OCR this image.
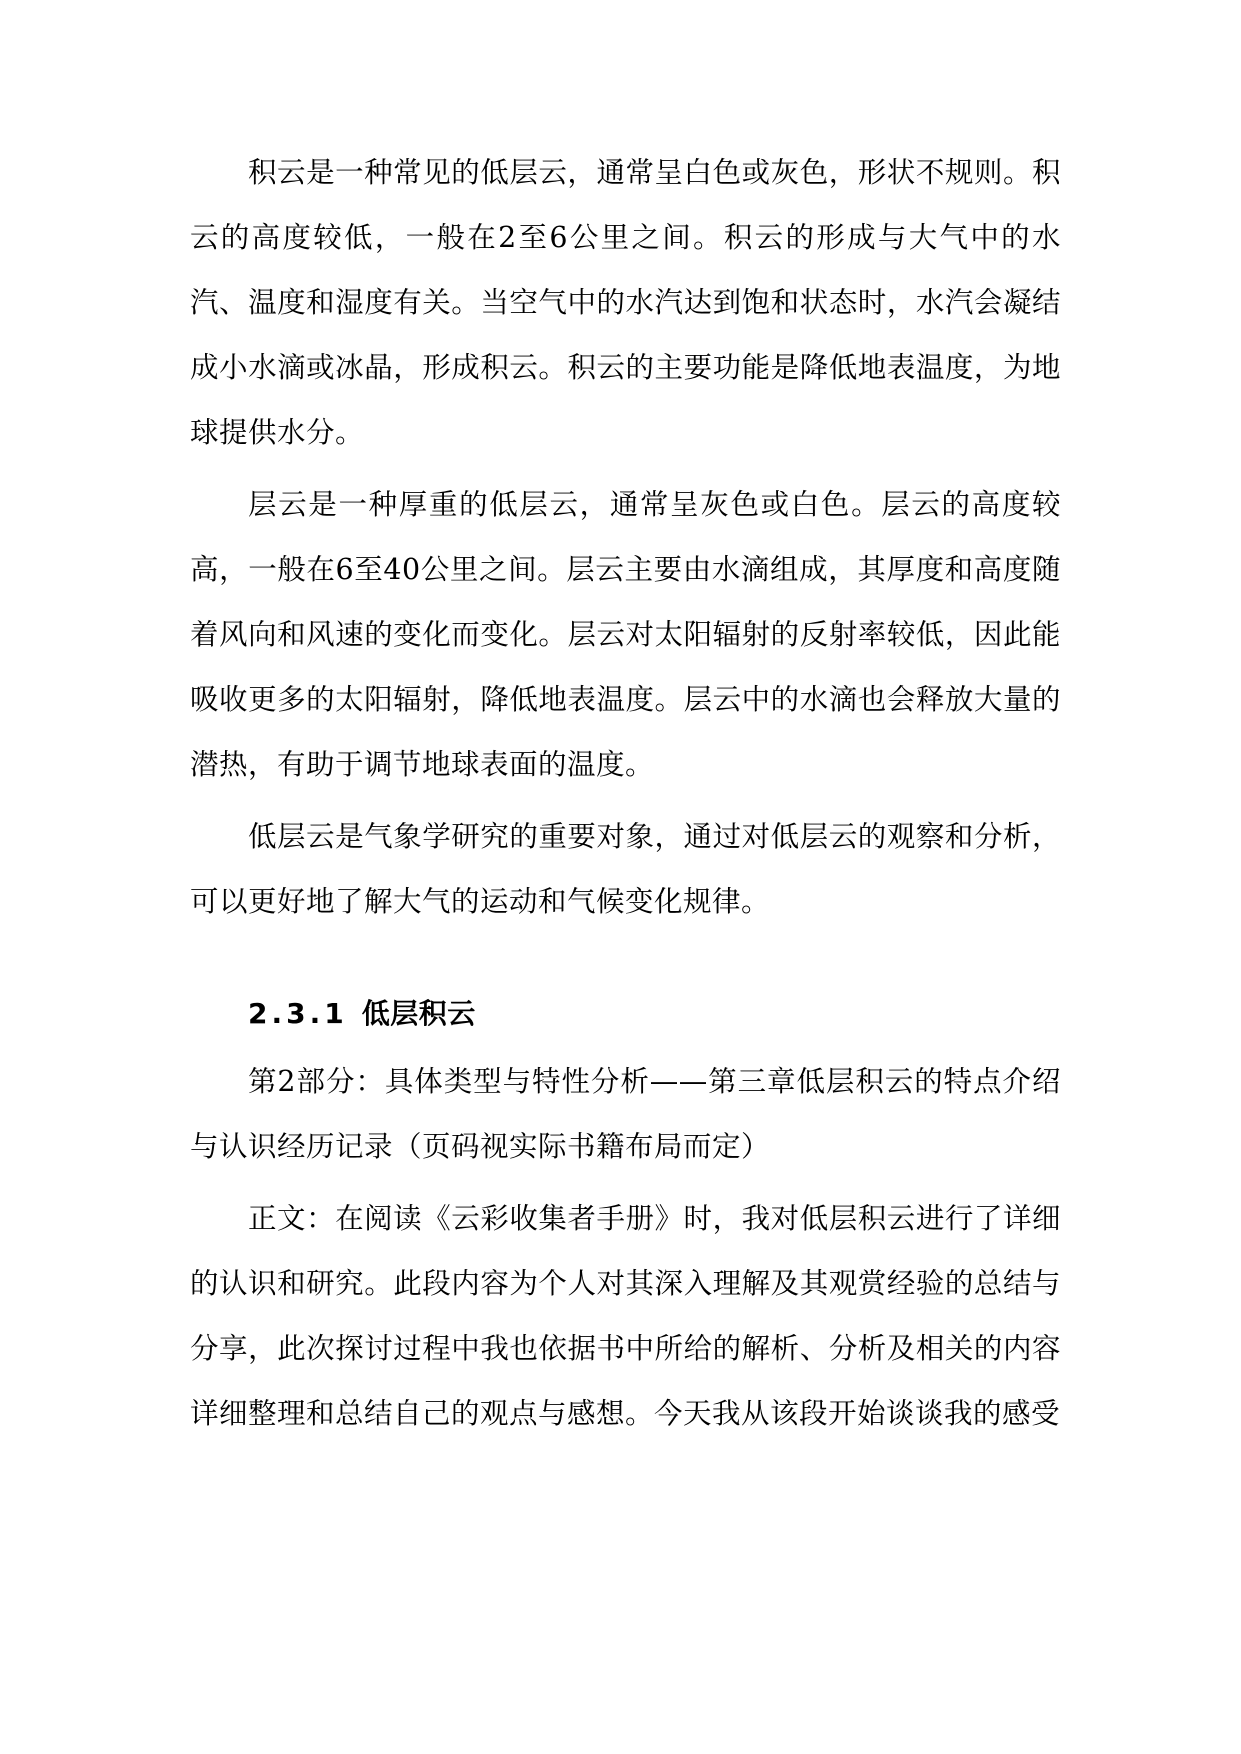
积云是一种常见的低层云，通常呈白色或灰色，形状不规则。积云的高度较低，一般在2至6公里之间。积云的形成与大气中的水汽、温度和湿度有关。当空气中的水汽达到饱和状态时，水汽会凝结成小水滴或冰晶，形成积云。积云的主要功能是降低地表温度，为地球提供水分。

层云是一种厚重的低层云，通常呈灰色或白色。层云的高度较高，一般在6至40公里之间。层云主要由水滴组成，其厚度和高度随着风向和风速的变化而变化。层云对太阳辐射的反射率较低，因此能吸收更多的太阳辐射，降低地表温度。层云中的水滴也会释放大量的潜热，有助于调节地球表面的温度。

低层云是气象学研究的重要对象，通过对低层云的观察和分析，可以更好地了解大气的运动和气候变化规律。

2.3.1 低层积云

第2部分：具体类型与特性分析——第三章低层积云的特点介绍与认识经历记录（页码视实际书籍布局而定）

正文：在阅读《云彩收集者手册》时，我对低层积云进行了详细的认识和研究。此段内容为个人对其深入理解及其观赏经验的总结与分享，此次探讨过程中我也依据书中所给的解析、分析及相关的内容详细整理和总结自己的观点与感想。今天我从该段开始谈谈我的感受
